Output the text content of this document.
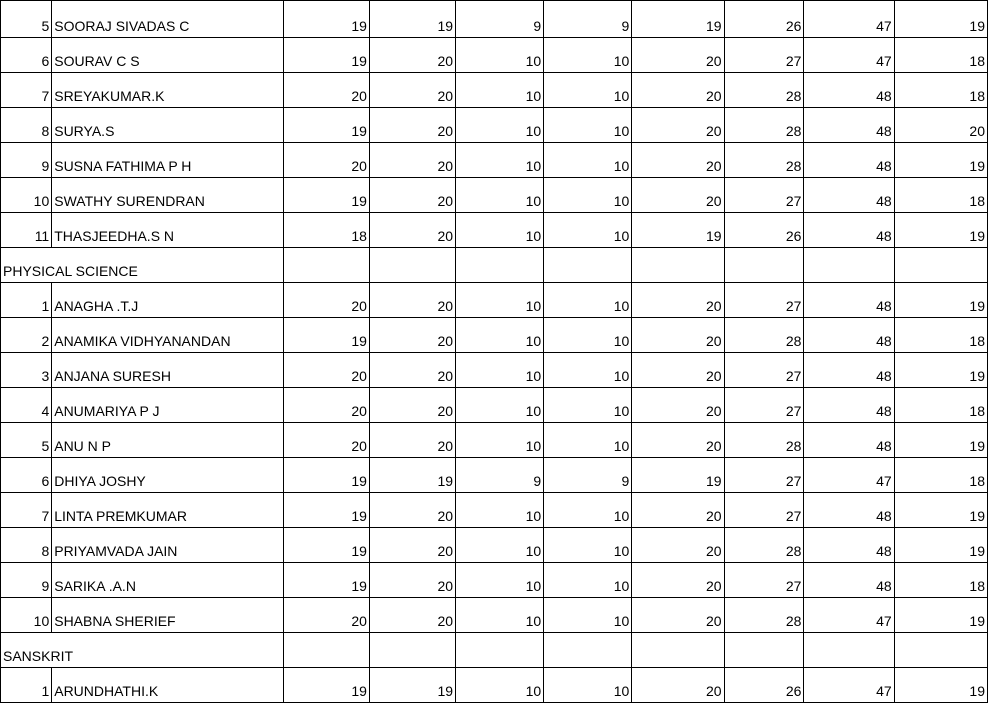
5	SOORAJ SIVADAS C	19	19	9	9	19	26	47	19
6	SOURAV C S	19	20	10	10	20	27	47	18
7	SREYAKUMAR.K	20	20	10	10	20	28	48	18
8	SURYA.S	19	20	10	10	20	28	48	20
9	SUSNA FATHIMA P H	20	20	10	10	20	28	48	19
10	SWATHY SURENDRAN	19	20	10	10	20	27	48	18
11	THASJEEDHA.S N	18	20	10	10	19	26	48	19
PHYSICAL SCIENCE									
1	ANAGHA .T.J	20	20	10	10	20	27	48	19
2	ANAMIKA VIDHYANANDAN	19	20	10	10	20	28	48	18
3	ANJANA SURESH	20	20	10	10	20	27	48	19
4	ANUMARIYA P J	20	20	10	10	20	27	48	18
5	ANU N P	20	20	10	10	20	28	48	19
6	DHIYA JOSHY	19	19	9	9	19	27	47	18
7	LINTA PREMKUMAR	19	20	10	10	20	27	48	19
8	PRIYAMVADA JAIN	19	20	10	10	20	28	48	19
9	SARIKA .A.N	19	20	10	10	20	27	48	18
10	SHABNA SHERIEF	20	20	10	10	20	28	47	19
SANSKRIT									
1	ARUNDHATHI.K	19	19	10	10	20	26	47	19
